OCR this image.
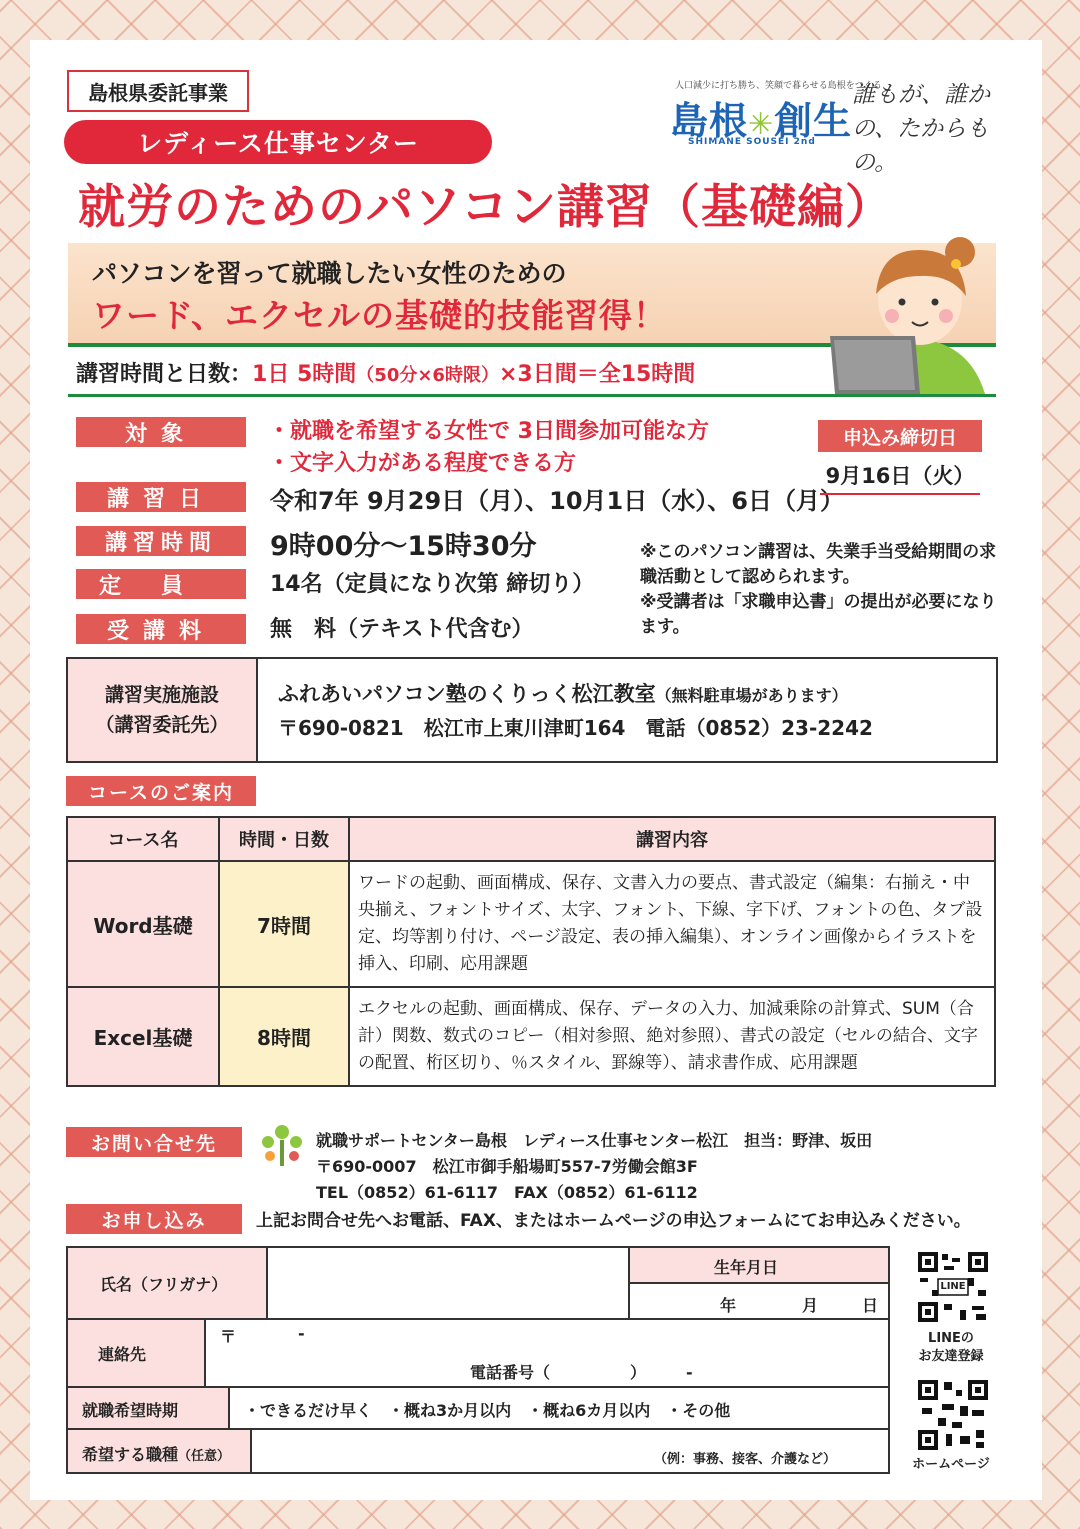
島根県委託事業
レディース仕事センター
就労のためのパソコン講習（基礎編）
人口減少に打ち勝ち、笑顔で暮らせる島根をつくる
島根✳創生
SHIMANE SOUSEI 2nd
誰もが、誰かの、たからもの。
パソコンを習って就職したい女性のための
ワード、エクセルの基礎的技能習得！
講習時間と日数：1日 5時間（50分×6時限）×3日間＝全15時間
対象	・就職を希望する女性で 3日間参加可能な方
・文字入力がある程度できる方
講習日	令和7年 9月29日（月）、10月1日（水）、6日（月）
講習時間	9時00分～15時30分
定員	14名（定員になり次第 締切り）
受講料	無　料（テキスト代含む）
申込み締切日
9月16日（火）
※このパソコン講習は、失業手当受給期間の求職活動として認められます。
※受講者は「求職申込書」の提出が必要になります。
講習実施施設
（講習委託先）
ふれあいパソコン塾のくりっく松江教室（無料駐車場があります）
〒690-0821　松江市上東川津町164　電話（0852）23-2242
コースのご案内
コース名	時間・日数	講習内容
Word基礎	7時間	ワードの起動、画面構成、保存、文書入力の要点、書式設定（編集：右揃え・中央揃え、フォントサイズ、太字、フォント、下線、字下げ、フォントの色、タブ設定、均等割り付け、ページ設定、表の挿入編集）、オンライン画像からイラストを挿入、印刷、応用課題
Excel基礎	8時間	エクセルの起動、画面構成、保存、データの入力、加減乗除の計算式、SUM（合計）関数、数式のコピー（相対参照、絶対参照）、書式の設定（セルの結合、文字の配置、桁区切り、％スタイル、罫線等）、請求書作成、応用課題
お問い合せ先	就職サポートセンター島根　レディース仕事センター松江　担当：野津、坂田
〒690-0007　松江市御手船場町557-7労働会館3F
TEL（0852）61-6117　FAX（0852）61-6112
お申し込み	上記お問合せ先へお電話、FAX、またはホームページの申込フォームにてお申込みください。
氏名（フリガナ）
生年月日
年	月	日
連絡先
〒	-
電話番号（　　　　　）　　　-
就職希望時期	・できるだけ早く　・概ね3か月以内　・概ね6カ月以内　・その他
希望する職種（任意）	（例：事務、接客、介護など）
LINE
LINEの
お友達登録
ホームページ
